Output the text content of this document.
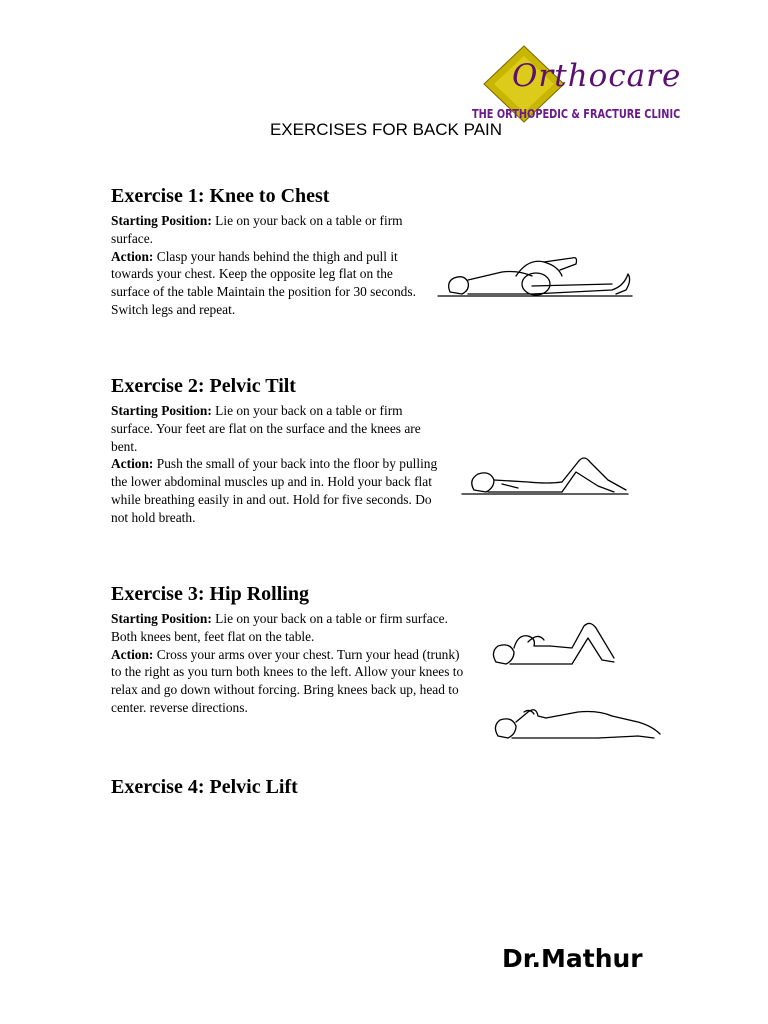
Orthocare
THE ORTHOPEDIC & FRACTURE CLINIC
EXERCISES FOR BACK PAIN
Exercise 1: Knee to Chest

Starting Position: Lie on your back on a table or firm surface.

Action: Clasp your hands behind the thigh and pull it towards your chest. Keep the opposite leg flat on the surface of the table Maintain the position for 30 seconds. Switch legs and repeat.

Exercise 2: Pelvic Tilt

Starting Position: Lie on your back on a table or firm surface. Your feet are flat on the surface and the knees are bent.

Action: Push the small of your back into the floor by pulling the lower abdominal muscles up and in. Hold your back flat while breathing easily in and out. Hold for five seconds. Do not hold breath.

Exercise 3: Hip Rolling

Starting Position: Lie on your back on a table or firm surface. Both knees bent, feet flat on the table.

Action: Cross your arms over your chest. Turn your head (trunk) to the right as you turn both knees to the left. Allow your knees to relax and go down without forcing. Bring knees back up, head to center. reverse directions.

Exercise 4: Pelvic Lift
Dr.Mathur
